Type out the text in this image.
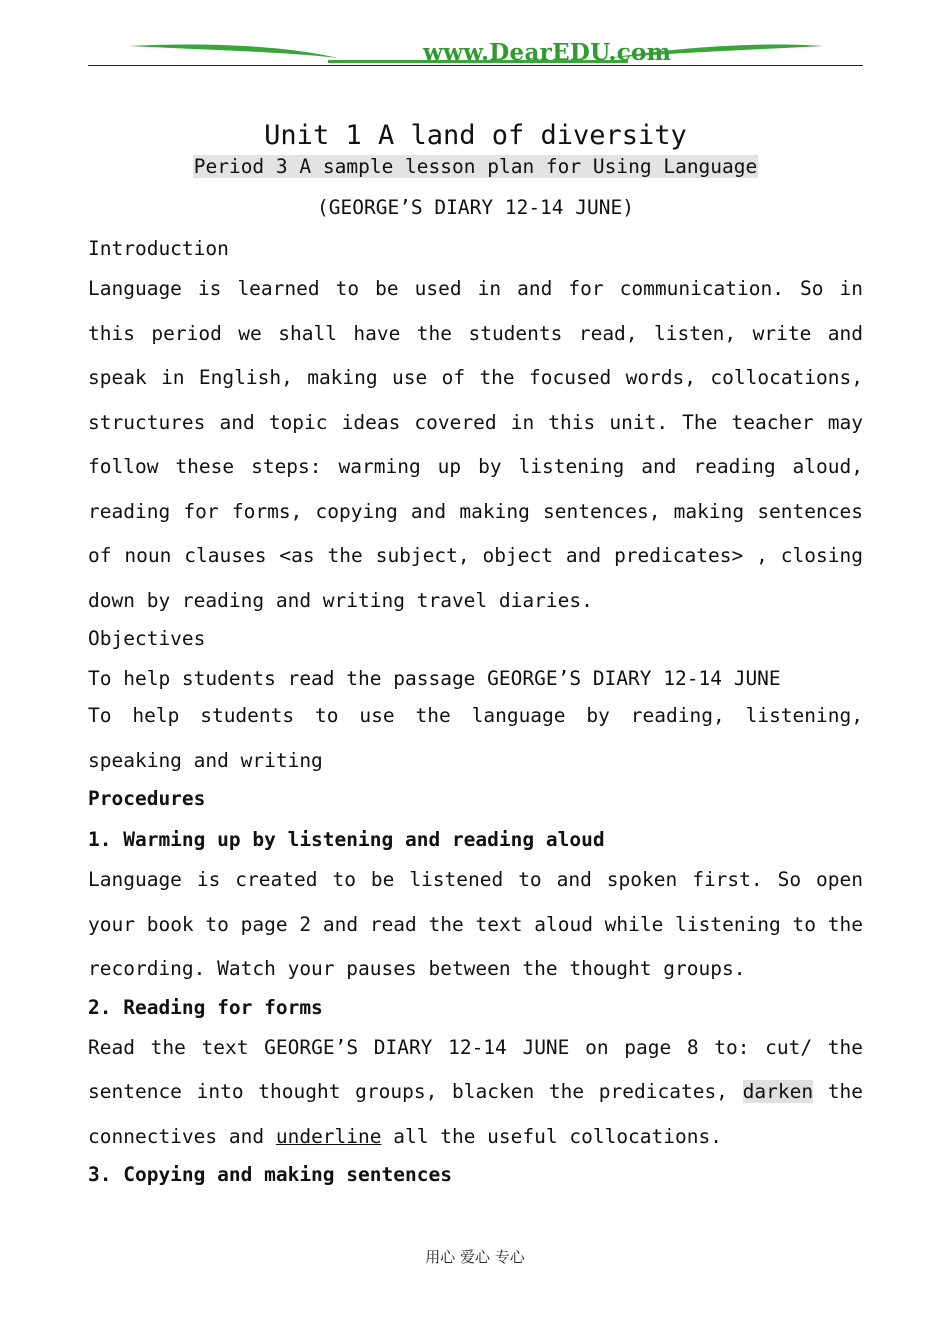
www.DearEDU.com
Unit 1 A land of diversity
Period 3 A sample lesson plan for Using Language
(GEORGE’S DIARY 12-14 JUNE)
Introduction

Language is learned to be used in and for communication. So in this period we shall have the students read, listen, write and speak in English, making use of the focused words, collocations, structures and topic ideas covered in this unit. The teacher may follow these steps: warming up by listening and reading aloud, reading for forms, copying and making sentences, making sentences of noun clauses <as the subject, object and predicates> , closing down by reading and writing travel diaries.

Objectives

To help students read the passage GEORGE’S DIARY 12-14 JUNE

To help students to use the language by reading, listening, speaking and writing

Procedures
1. Warming up by listening and reading aloud

Language is created to be listened to and spoken first. So open your book to page 2 and read the text aloud while listening to the recording. Watch your pauses between the thought groups.

2. Reading for forms

Read the text GEORGE’S DIARY 12-14 JUNE on page 8 to: cut/ the sentence into thought groups, blacken the predicates, darken the connectives and underline all the useful collocations.

3. Copying and making sentences
用心 爱心 专心
